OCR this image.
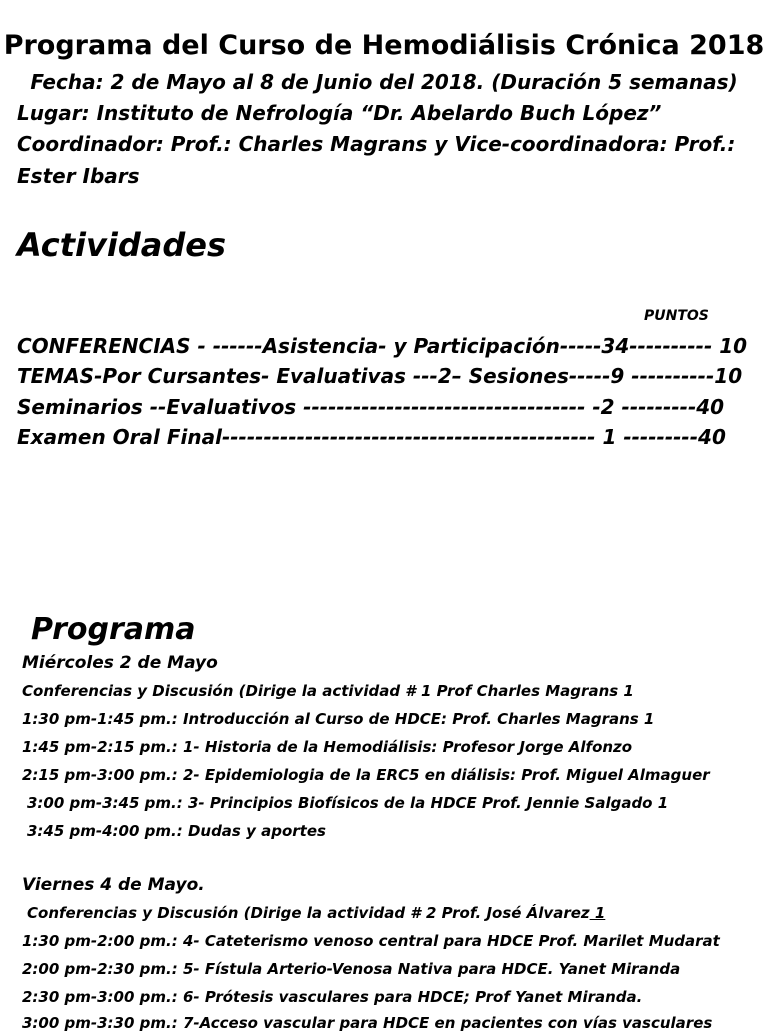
Programa del Curso de Hemodiálisis Crónica 2018
Fecha: 2 de Mayo al 8 de Junio del 2018. (Duración 5 semanas)
Lugar: Instituto de Nefrología “Dr. Abelardo Buch López”
Coordinador: Prof.: Charles Magrans y Vice-coordinadora: Prof.:
Ester Ibars
Actividades
PUNTOS
CONFERENCIAS - ------Asistencia- y Participación-----34---------- 10
TEMAS-Por Cursantes- Evaluativas ---2– Sesiones-----9 ----------10
Seminarios --Evaluativos ---------------------------------- -2 ---------40
Examen Oral Final--------------------------------------------- 1 ---------40
Programa
Miércoles 2 de Mayo
Conferencias y Discusión (Dirige la actividad # 1 Prof Charles Magrans 1
1:30 pm-1:45 pm.: Introducción al Curso de HDCE: Prof. Charles Magrans 1
1:45 pm-2:15 pm.: 1- Historia de la Hemodiálisis: Profesor Jorge Alfonzo
2:15 pm-3:00 pm.: 2- Epidemiologia de la ERC5 en diálisis: Prof. Miguel Almaguer
3:00 pm-3:45 pm.: 3- Principios Biofísicos de la HDCE Prof. Jennie Salgado 1
3:45 pm-4:00 pm.: Dudas y aportes
Viernes 4 de Mayo.
Conferencias y Discusión (Dirige la actividad # 2 Prof. José Álvarez 1
1:30 pm-2:00 pm.: 4- Cateterismo venoso central para HDCE Prof. Marilet Mudarat
2:00 pm-2:30 pm.: 5- Fístula Arterio-Venosa Nativa para HDCE. Yanet Miranda
2:30 pm-3:00 pm.: 6- Prótesis vasculares para HDCE; Prof Yanet Miranda.
3:00 pm-3:30 pm.: 7-Acceso vascular para HDCE en pacientes con vías vasculares
